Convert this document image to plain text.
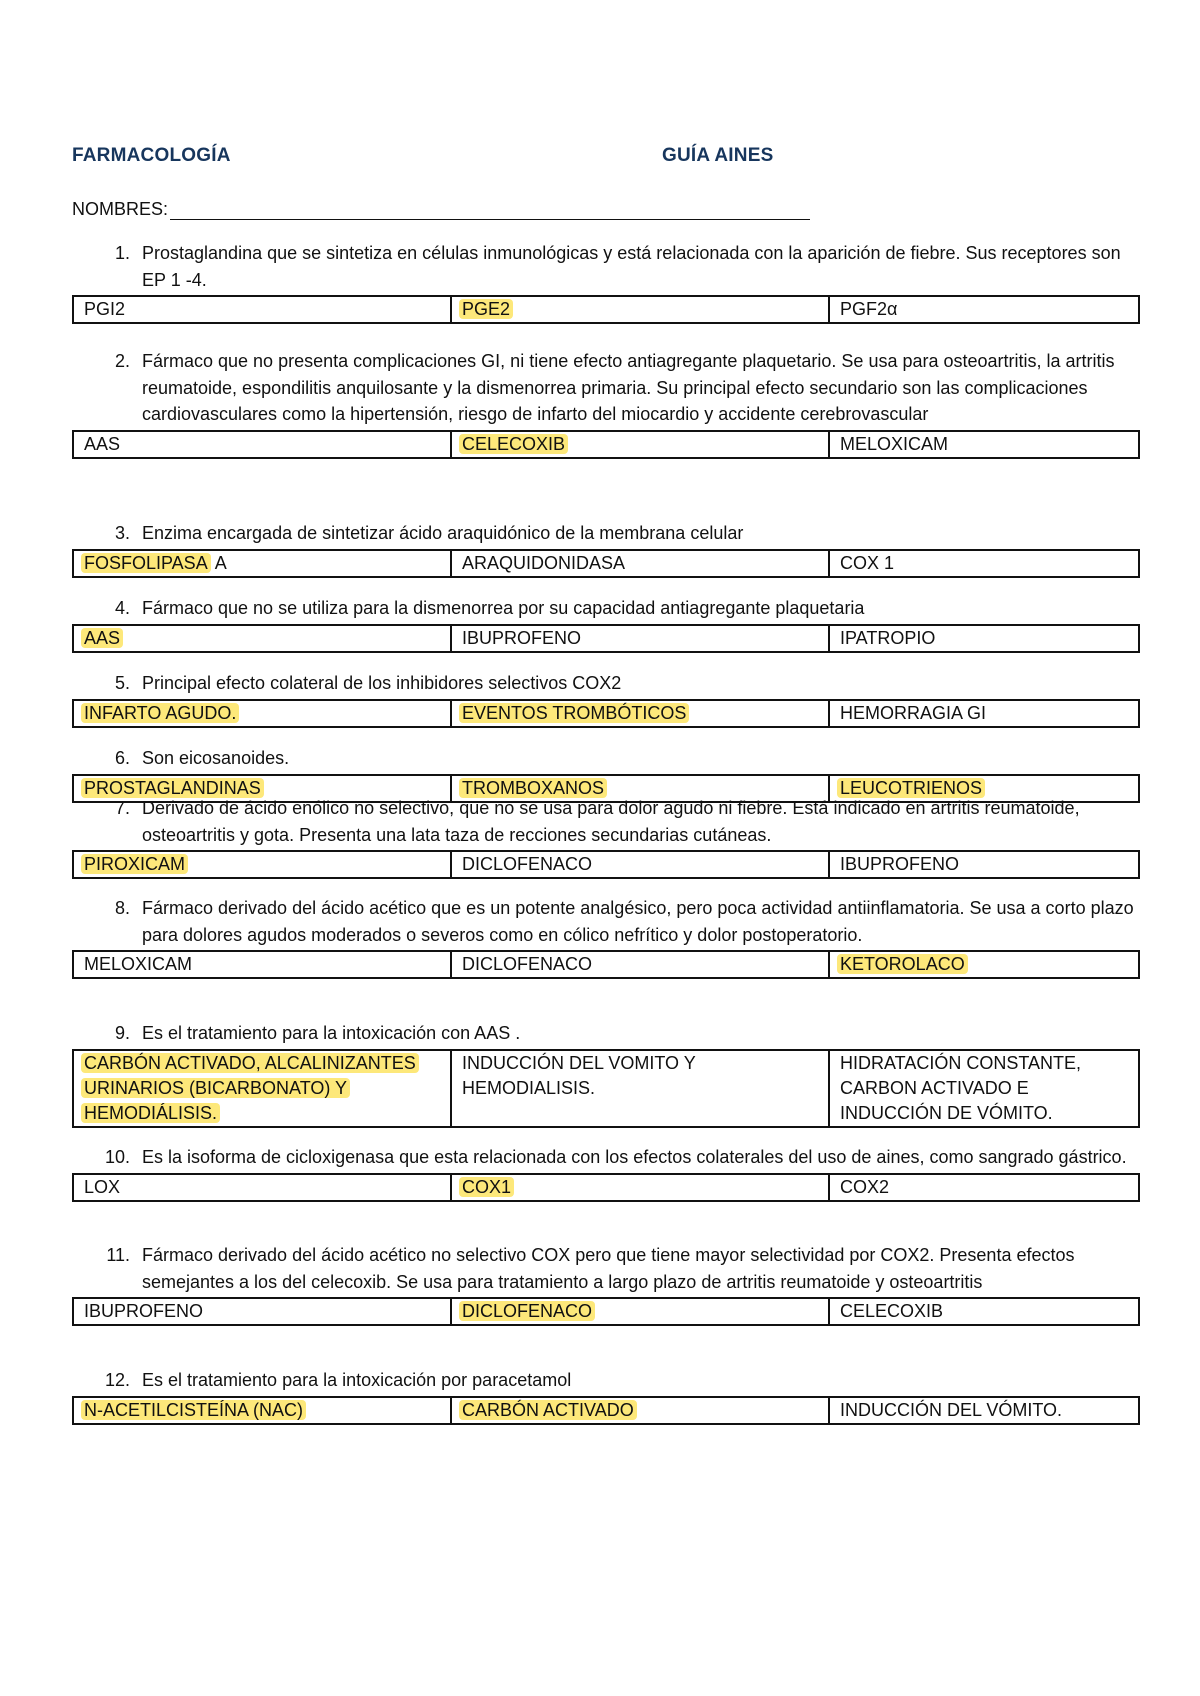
FARMACOLOGÍA	GUÍA AINES
NOMBRES:
1. Prostaglandina que se sintetiza en células inmunológicas y está relacionada con la aparición de fiebre. Sus receptores son EP 1 -4.
PGI2	PGE2	PGF2α
2. Fármaco que no presenta complicaciones GI, ni tiene efecto antiagregante plaquetario. Se usa para osteoartritis, la artritis reumatoide, espondilitis anquilosante y la dismenorrea primaria. Su principal efecto secundario son las complicaciones cardiovasculares como la hipertensión, riesgo de infarto del miocardio y accidente cerebrovascular
AAS	CELECOXIB	MELOXICAM
3. Enzima encargada de sintetizar ácido araquidónico de la membrana celular
FOSFOLIPASA A	ARAQUIDONIDASA	COX 1
4. Fármaco que no se utiliza para la dismenorrea por su capacidad antiagregante plaquetaria
AAS	IBUPROFENO	IPATROPIO
5. Principal efecto colateral de los inhibidores selectivos COX2
INFARTO AGUDO.	EVENTOS TROMBÓTICOS	HEMORRAGIA GI
6. Son eicosanoides.
PROSTAGLANDINAS	TROMBOXANOS	LEUCOTRIENOS
7. Derivado de ácido enólico no selectivo, que no se usa para dolor agudo ni fiebre. Está indicado en artritis reumatoide, osteoartritis y gota. Presenta una lata taza de recciones secundarias cutáneas.
PIROXICAM	DICLOFENACO	IBUPROFENO
8. Fármaco derivado del ácido acético que es un potente analgésico, pero poca actividad antiinflamatoria. Se usa a corto plazo para dolores agudos moderados o severos como en cólico nefrítico y dolor postoperatorio.
MELOXICAM	DICLOFENACO	KETOROLACO
9. Es el tratamiento para la intoxicación con AAS .
CARBÓN ACTIVADO, ALCALINIZANTES URINARIOS (BICARBONATO) Y HEMODIÁLISIS.	INDUCCIÓN DEL VOMITO Y HEMODIALISIS.	HIDRATACIÓN CONSTANTE, CARBON ACTIVADO E INDUCCIÓN DE VÓMITO.
10. Es la isoforma de cicloxigenasa que esta relacionada con los efectos colaterales del uso de aines, como sangrado gástrico.
LOX	COX1	COX2
11. Fármaco derivado del ácido acético no selectivo COX pero que tiene mayor selectividad por COX2. Presenta efectos semejantes a los del celecoxib. Se usa para tratamiento a largo plazo de artritis reumatoide y osteoartritis
IBUPROFENO	DICLOFENACO	CELECOXIB
12. Es el tratamiento para la intoxicación por paracetamol
N-ACETILCISTEÍNA (NAC)	CARBÓN ACTIVADO	INDUCCIÓN DEL VÓMITO.
